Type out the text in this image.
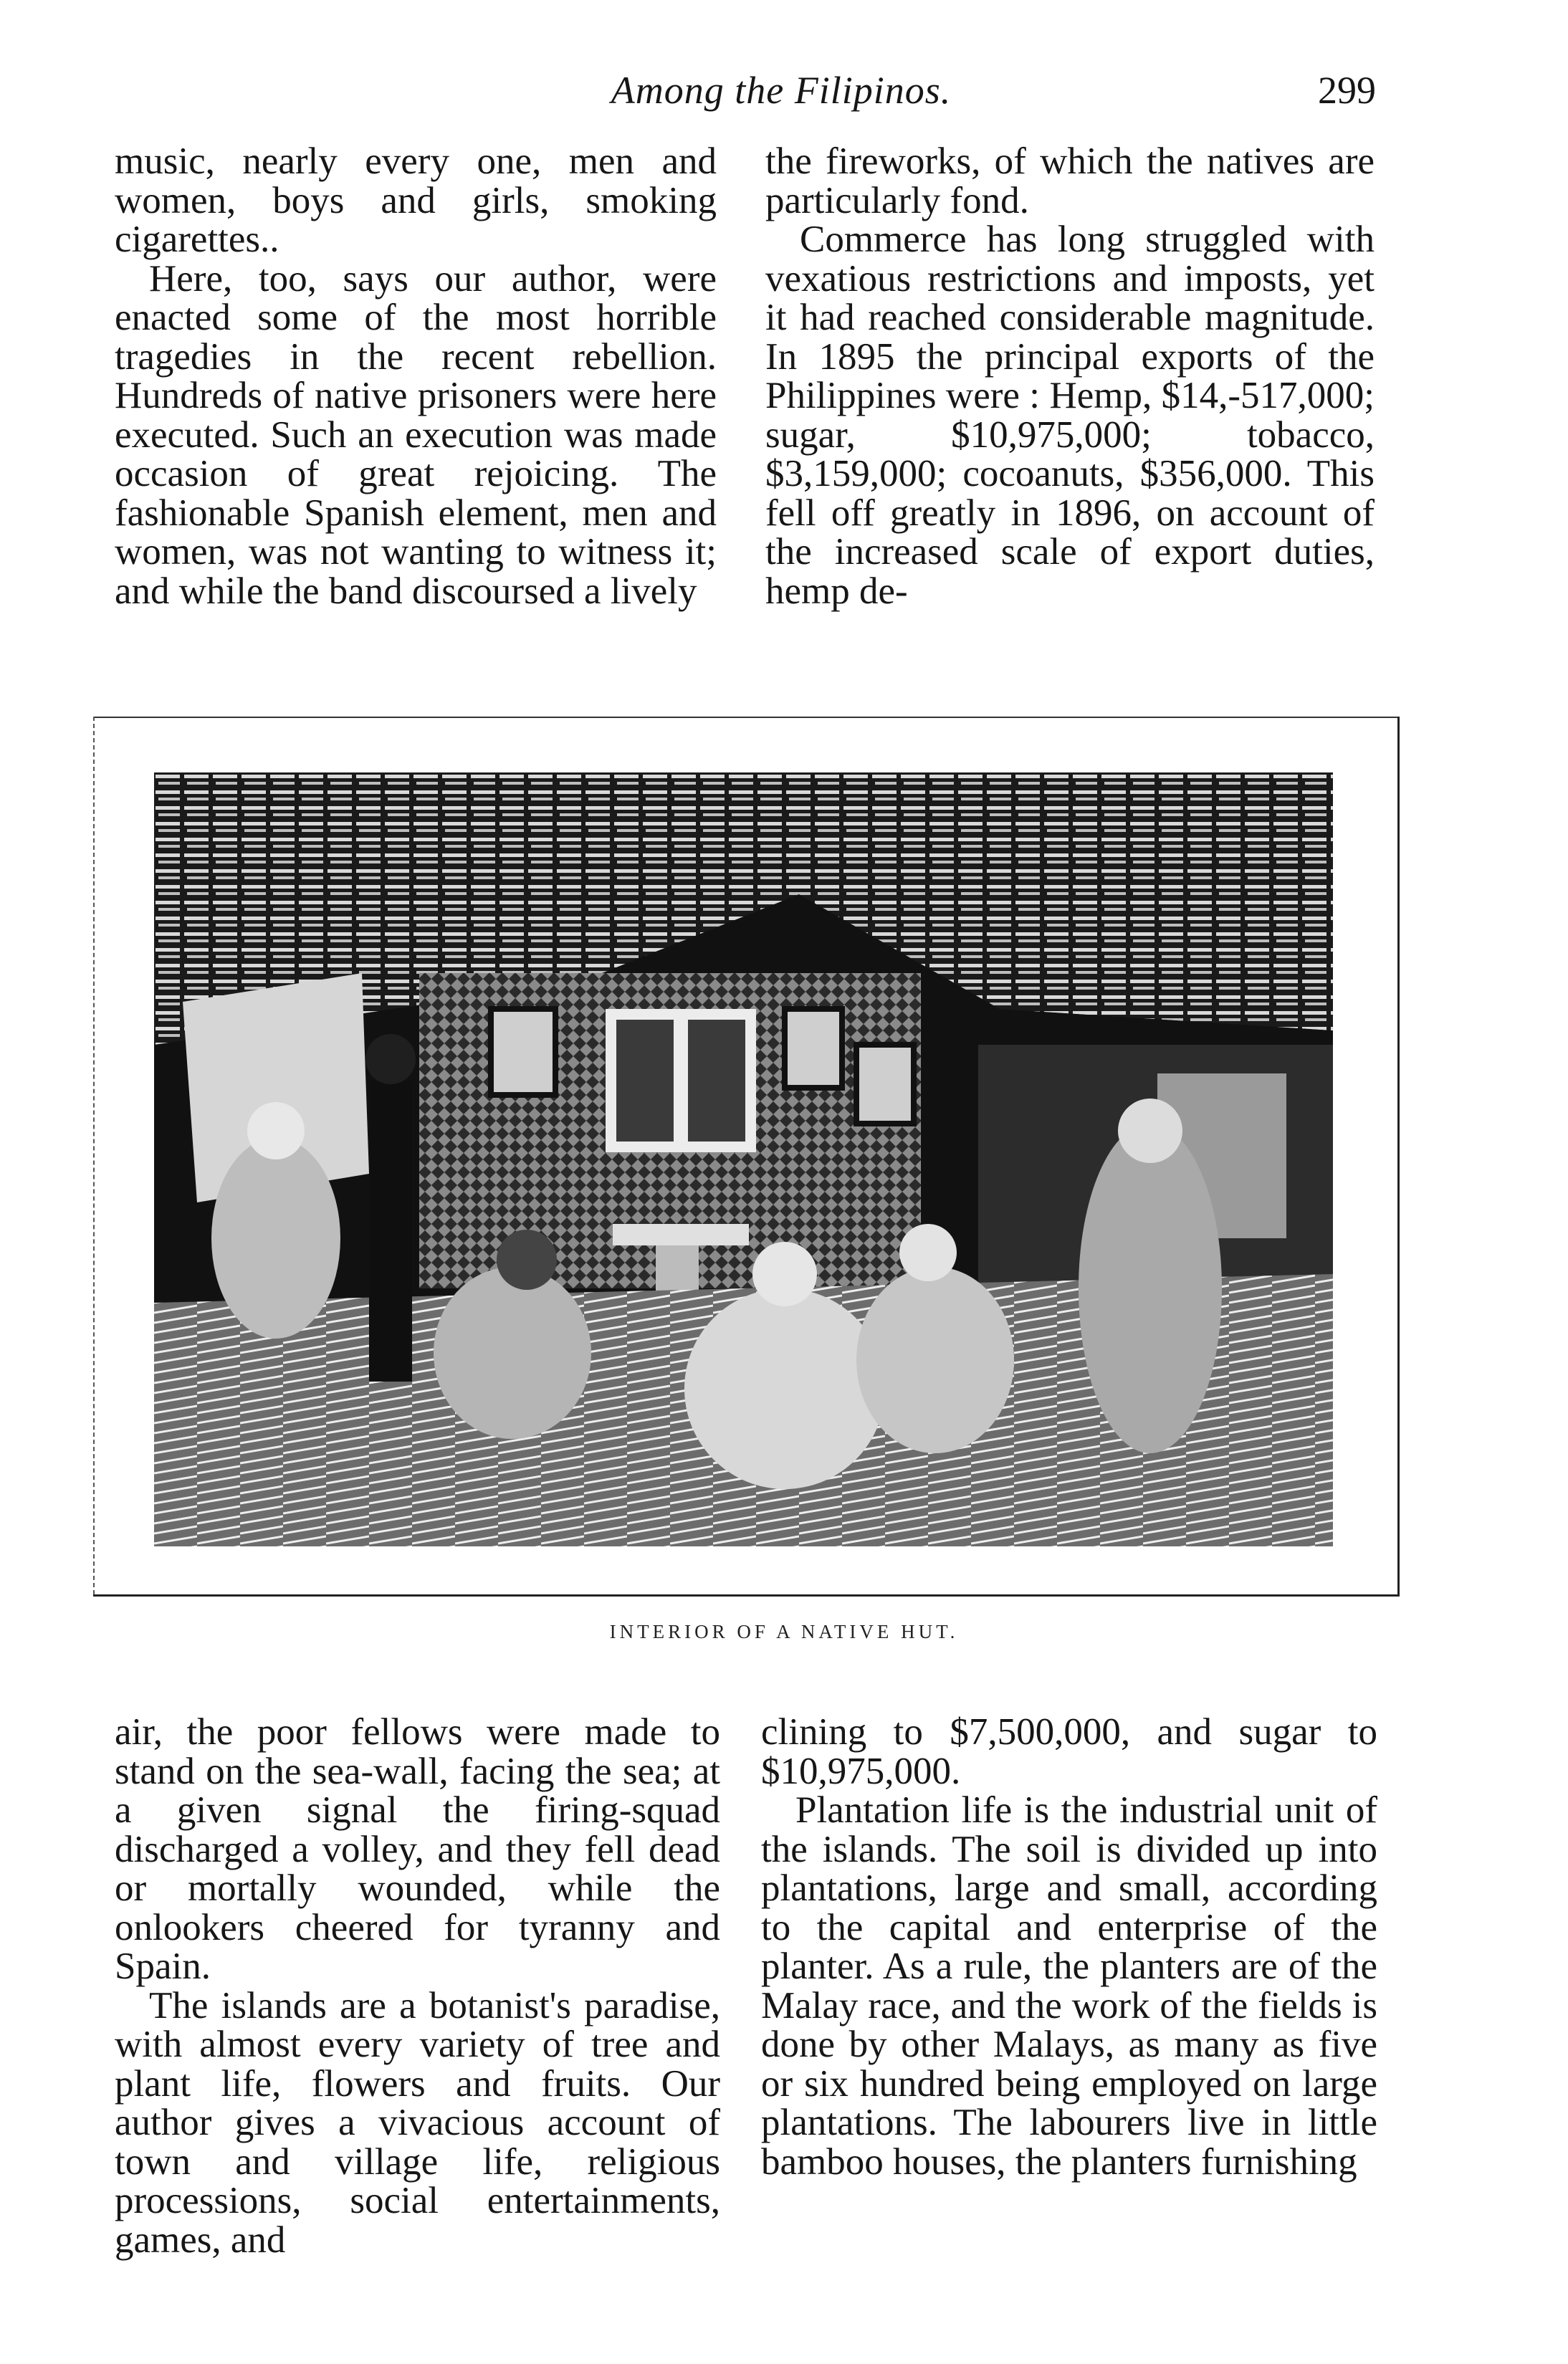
Among the Filipinos.	299

music, nearly every one, men and women, boys and girls, smoking cigarettes..

Here, too, says our author, were enacted some of the most horrible tragedies in the recent rebellion. Hundreds of native prisoners were here executed. Such an execution was made occasion of great rejoicing. The fashionable Spanish element, men and women, was not wanting to witness it; and while the band discoursed a lively

the fireworks, of which the natives are particularly fond.

Commerce has long struggled with vexatious restrictions and imposts, yet it had reached considerable magnitude. In 1895 the principal exports of the Philippines were : Hemp, $14,-517,000; sugar, $10,975,000; tobacco, $3,159,000; cocoanuts, $356,000. This fell off greatly in 1896, on account of the increased scale of export duties, hemp de-

INTERIOR OF A NATIVE HUT.

air, the poor fellows were made to stand on the sea-wall, facing the sea; at a given signal the firing-squad discharged a volley, and they fell dead or mortally wounded, while the onlookers cheered for tyranny and Spain.

The islands are a botanist's paradise, with almost every variety of tree and plant life, flowers and fruits. Our author gives a vivacious account of town and village life, religious processions, social entertainments, games, and

clining to $7,500,000, and sugar to $10,975,000.

Plantation life is the industrial unit of the islands. The soil is divided up into plantations, large and small, according to the capital and enterprise of the planter. As a rule, the planters are of the Malay race, and the work of the fields is done by other Malays, as many as five or six hundred being employed on large plantations. The labourers live in little bamboo houses, the planters furnishing
